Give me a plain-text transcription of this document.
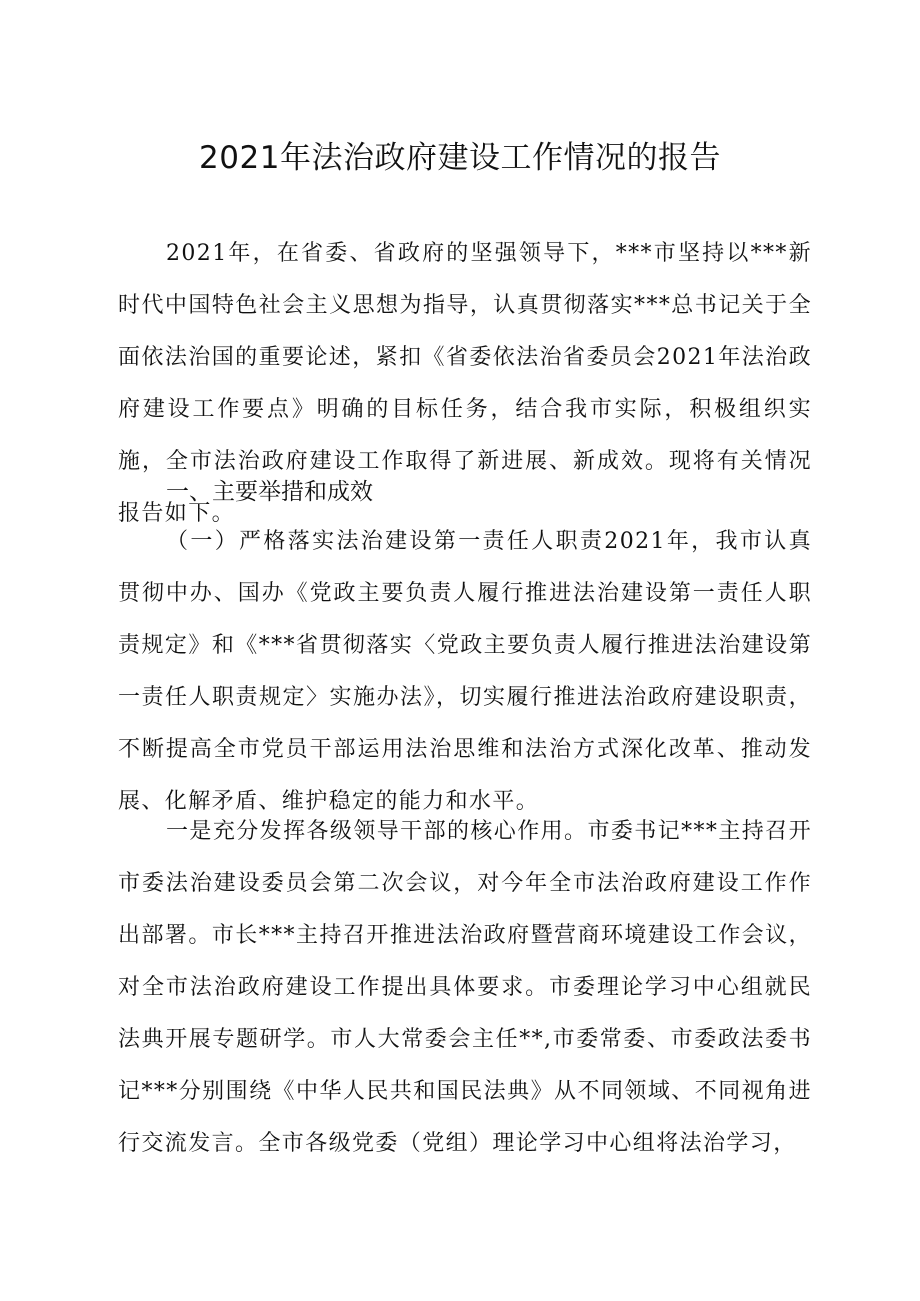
2021年法治政府建设工作情况的报告

2021年，在省委、省政府的坚强领导下，***市坚持以***新时代中国特色社会主义思想为指导，认真贯彻落实***总书记关于全面依法治国的重要论述，紧扣《省委依法治省委员会2021年法治政府建设工作要点》明确的目标任务，结合我市实际，积极组织实施，全市法治政府建设工作取得了新进展、新成效。现将有关情况报告如下。

一、主要举措和成效

（一）严格落实法治建设第一责任人职责2021年，我市认真贯彻中办、国办《党政主要负责人履行推进法治建设第一责任人职责规定》和《***省贯彻落实〈党政主要负责人履行推进法治建设第一责任人职责规定〉实施办法》，切实履行推进法治政府建设职责，不断提高全市党员干部运用法治思维和法治方式深化改革、推动发展、化解矛盾、维护稳定的能力和水平。

一是充分发挥各级领导干部的核心作用。市委书记***主持召开市委法治建设委员会第二次会议，对今年全市法治政府建设工作作出部署。市长***主持召开推进法治政府暨营商环境建设工作会议，对全市法治政府建设工作提出具体要求。市委理论学习中心组就民法典开展专题研学。市人大常委会主任**,市委常委、市委政法委书记***分别围绕《中华人民共和国民法典》从不同领域、不同视角进行交流发言。全市各级党委（党组）理论学习中心组将法治学习，
